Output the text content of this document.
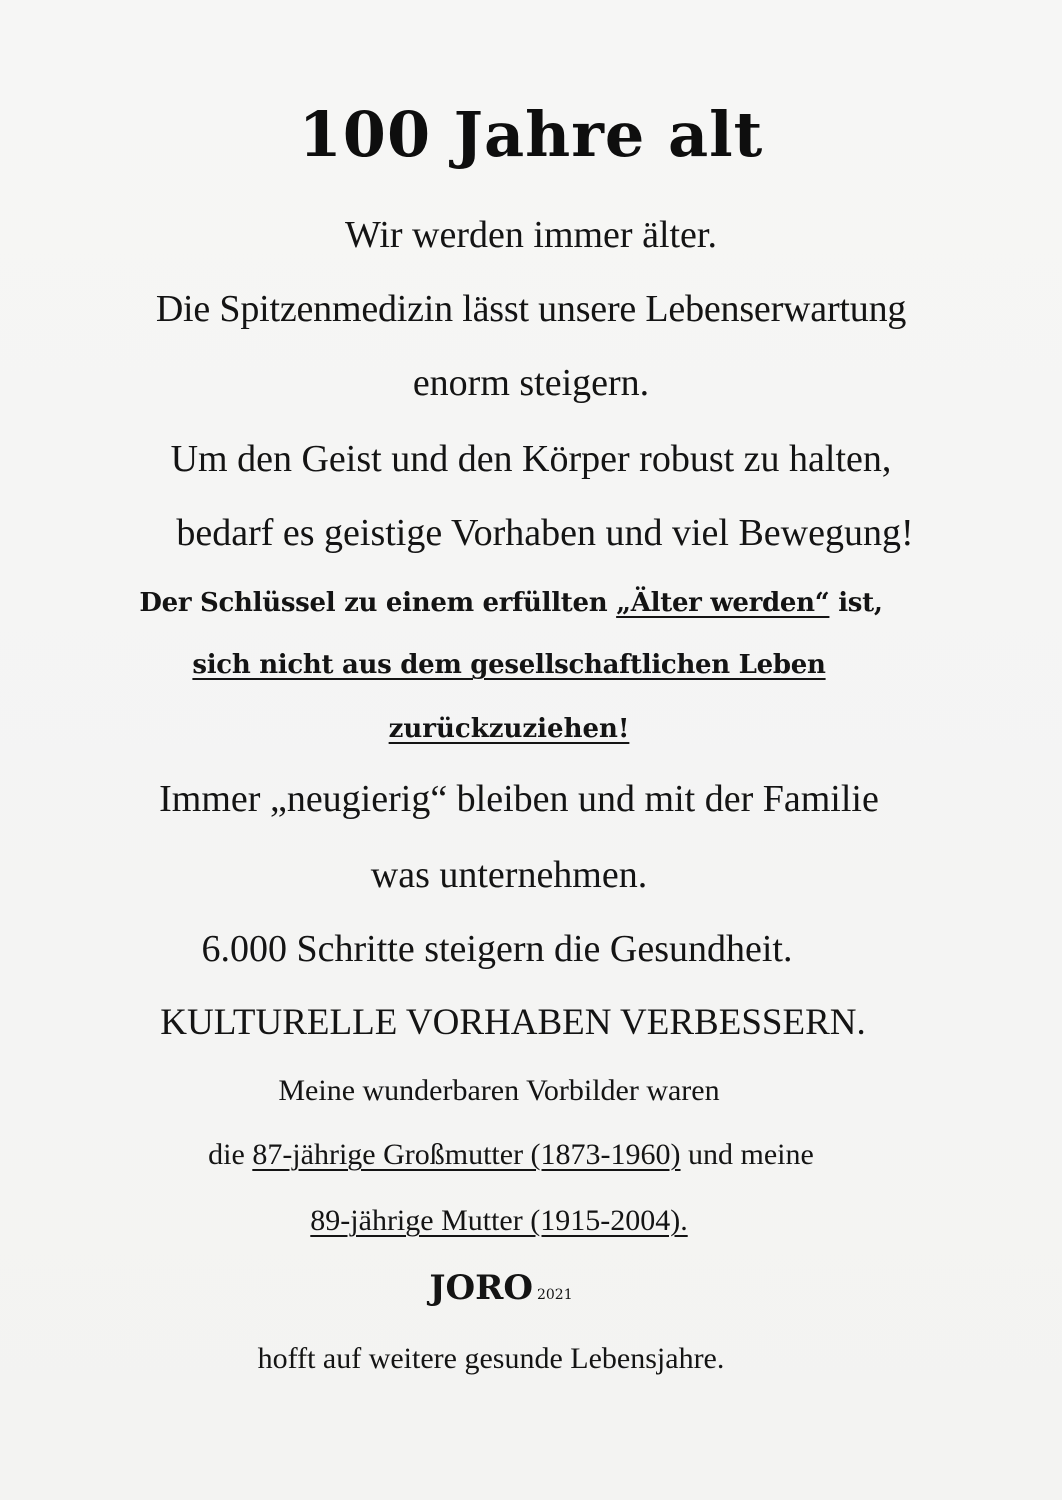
100 Jahre alt
Wir werden immer älter.
Die Spitzenmedizin lässt unsere Lebenserwartung
enorm steigern.
Um den Geist und den Körper robust zu halten,
bedarf es geistige Vorhaben und viel Bewegung!
Der Schlüssel zu einem erfüllten „Älter werden“ ist,
sich nicht aus dem gesellschaftlichen Leben
zurückzuziehen!
Immer „neugierig“ bleiben und mit der Familie
was unternehmen.
6.000 Schritte steigern die Gesundheit.
KULTURELLE VORHABEN VERBESSERN.
Meine wunderbaren Vorbilder waren
die 87-jährige Großmutter (1873-1960) und meine
89-jährige Mutter (1915-2004).
JORO 2021
hofft auf weitere gesunde Lebensjahre.
